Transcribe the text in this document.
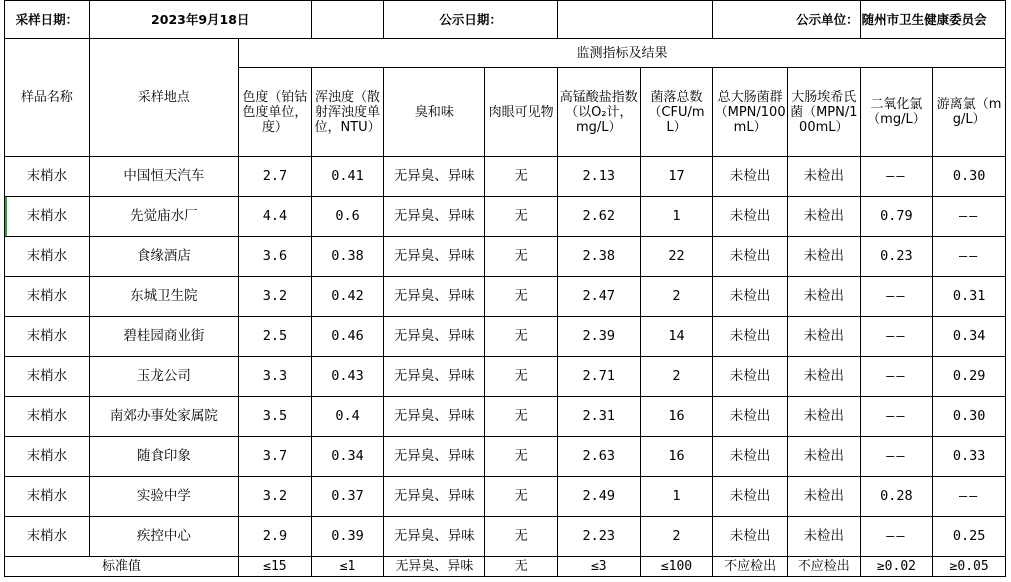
采样日期：	2023年9月18日			公示日期：				公示单位：		随州市卫生健康委员会	
样品名称	采样地点	监测指标及结果									
		色度（铂钴色度单位，度）	浑浊度（散射浑浊度单位，NTU）	臭和味	肉眼可见物	高锰酸盐指数（以O₂计，mg/L）	菌落总数（CFU/mL）	总大肠菌群（MPN/100mL）	大肠埃希氏菌（MPN/100mL）	二氧化氯（mg/L）	游离氯（mg/L）
末梢水	中国恒天汽车	2.7	0.41	无异臭、异味	无	2.13	17	未检出	未检出	——	0.30
末梢水	先觉庙水厂	4.4	0.6	无异臭、异味	无	2.62	1	未检出	未检出	0.79	——
末梢水	食缘酒店	3.6	0.38	无异臭、异味	无	2.38	22	未检出	未检出	0.23	——
末梢水	东城卫生院	3.2	0.42	无异臭、异味	无	2.47	2	未检出	未检出	——	0.31
末梢水	碧桂园商业街	2.5	0.46	无异臭、异味	无	2.39	14	未检出	未检出	——	0.34
末梢水	玉龙公司	3.3	0.43	无异臭、异味	无	2.71	2	未检出	未检出	——	0.29
末梢水	南郊办事处家属院	3.5	0.4	无异臭、异味	无	2.31	16	未检出	未检出	——	0.30
末梢水	随食印象	3.7	0.34	无异臭、异味	无	2.63	16	未检出	未检出	——	0.33
末梢水	实验中学	3.2	0.37	无异臭、异味	无	2.49	1	未检出	未检出	0.28	——
末梢水	疾控中心	2.9	0.39	无异臭、异味	无	2.23	2	未检出	未检出	——	0.25
标准值		≤15	≤1	无异臭、异味	无	≤3	≤100	不应检出	不应检出	≥0.02	≥0.05
